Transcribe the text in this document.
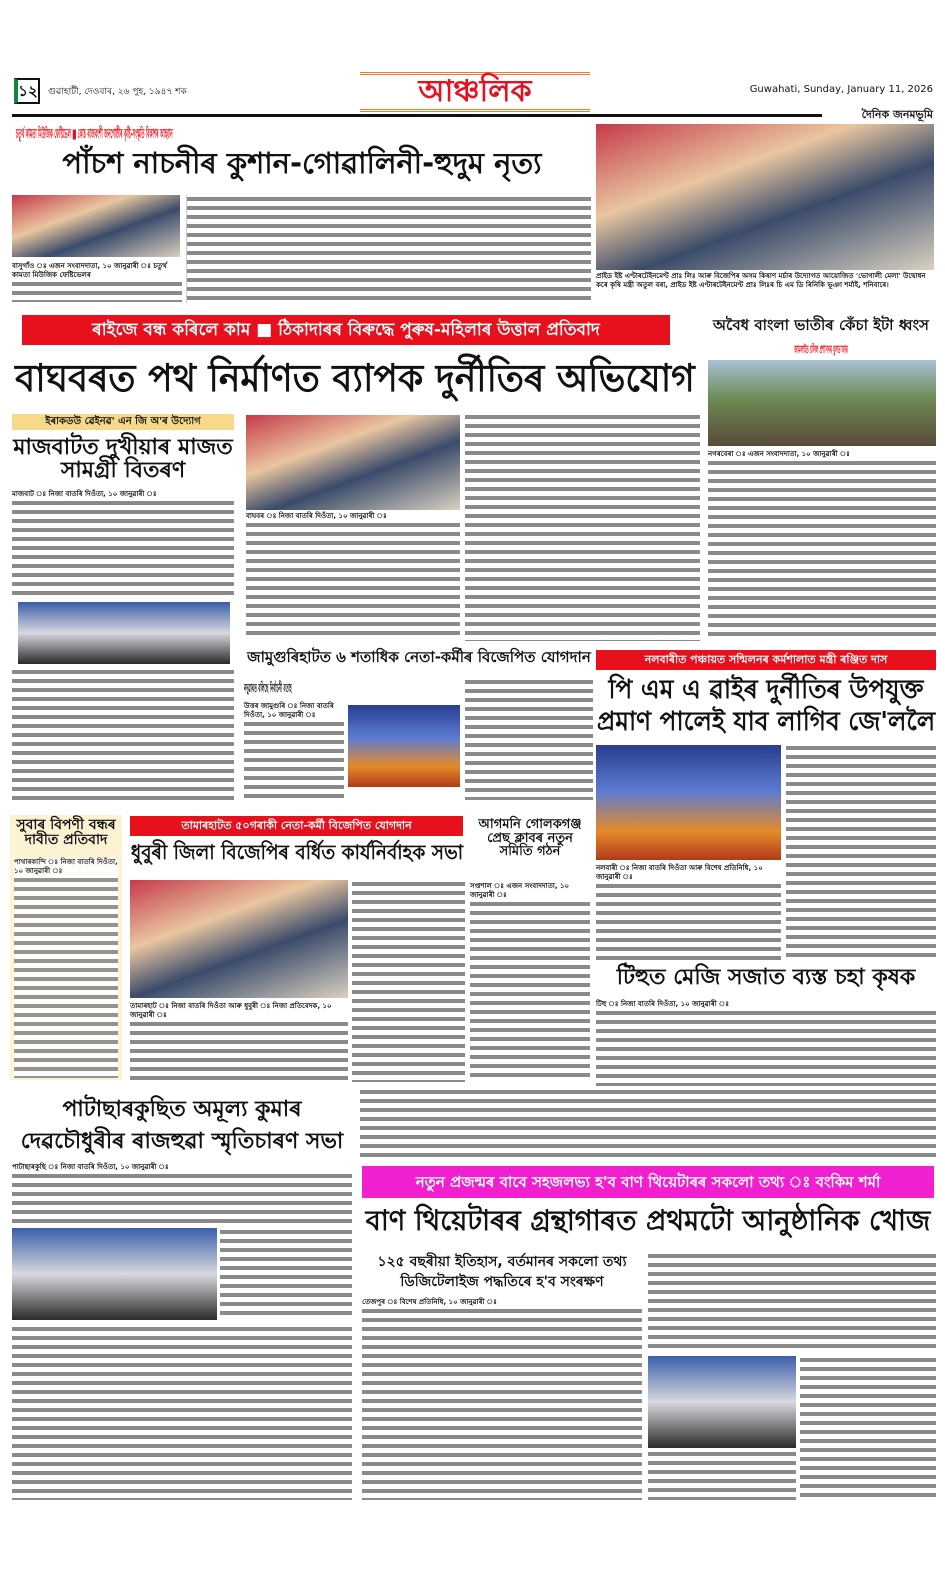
১২ গুৱাহাটী, দেওবাৰ, ২৬ পুহ, ১৯৪৭ শক	আঞ্চলিক	Guwahati, Sunday, January 11, 2026
দৈনিক জনমভূমি
চতুৰ্থ কামতা মিউজিক ফেষ্টিভেল ■ কোচ ৰাজবংশী জনগোষ্ঠীৰ কৃষ্টি-সংস্কৃতি বিকাশৰ আহ্বান
পাঁচশ নাচনীৰ কুশান-গোৱালিনী-হুদুম নৃত্য
বাসুগাঁও ঃ এজন সংবাদদাতা, ১০ জানুৱাৰী ঃ চতুৰ্থ কামতা মিউজিক ফেষ্টিভেলৰ	প্ৰাইড ইষ্ট এণ্টাৰটেইনমেণ্ট প্ৰাঃ লিঃ আৰু বিজেপিৰ অসম কিষাণ মৰ্চাৰ উদ্যোগত আয়োজিত 'ভোগালী মেলা' উদ্বোধন কৰে কৃষি মন্ত্ৰী অতুল বৰা, প্ৰাইড ইষ্ট এণ্টাৰটেইনমেণ্ট প্ৰাঃ লিঃৰ চি এম ডি ৰিনিকি ভূঞা শৰ্মাই, শনিবাৰে।
ৰাইজে বন্ধ কৰিলে কাম ■ ঠিকাদাৰৰ বিৰুদ্ধে পুৰুষ-মহিলাৰ উত্তাল প্ৰতিবাদ
বাঘবৰত পথ নিৰ্মাণত ব্যাপক দুৰ্নীতিৰ অভিযোগ
বাঘবৰ ঃ নিজা বাতৰি দিওঁতা, ১০ জানুৱাৰী ঃ
অবৈধ বাংলা ভাতীৰ কেঁচা ইটা ধ্বংস
জামলাইত চলিল প্ৰশাসনৰ বুলড'জাৰ
নগৰবেৰা ঃ এজন সংবাদদাতা, ১০ জানুৱাৰী ঃ
ইৰাকডউ ৱেইনৱ' এন জি অ'ৰ উদ্যোগ
মাজবাটত দুখীয়াৰ মাজত সামগ্ৰী বিতৰণ
মাজবাট ঃ নিজা বাতৰি দিওঁতা, ১০ জানুৱাৰী ঃ
জামুগুৰিহাটত ৬ শতাধিক নেতা-কৰ্মীৰ বিজেপিত যোগদান
নদুৱাৰত বলিছে নিৰ্বাচনী বতাহ
উত্তৰ জামুগুৰি ঃ নিজা বাতৰি দিওঁতা, ১০ জানুৱাৰী ঃ
নলবাৰীত পঞ্চায়ত সন্মিলনৰ কৰ্মশালাত মন্ত্ৰী ৰঞ্জিত দাস
পি এম এ ৱাইৰ দুৰ্নীতিৰ উপযুক্ত প্ৰমাণ পালেই যাব লাগিব জে'ললৈ
নলবাৰী ঃ নিজা বাতৰি দিওঁতা আৰু বিশেষ প্ৰতিনিধি, ১০ জানুৱাৰী ঃ
সুবাৰ বিপণী বন্ধৰ দাবীত প্ৰতিবাদ
পাথাৰকান্দি ঃ নিজা বাতৰি দিওঁতা, ১০ জানুৱাৰী ঃ
তামাৰহাটত ৫০গৰাকী নেতা-কৰ্মী বিজেপিত যোগদান
ধুবুৰী জিলা বিজেপিৰ বৰ্ধিত কাৰ্যনিৰ্বাহক সভা
তামাৰহাট ঃ নিজা বাতৰি দিওঁতা আৰু ধুবুৰী ঃ নিজা প্ৰতিবেদক, ১০ জানুৱাৰী ঃ
আগমনি গোলকগঞ্জ প্ৰেছ ক্লাবৰ নতুন সমিতি গঠন
সপ্তশাল ঃ এজন সংবাদদাতা, ১০ জানুৱাৰী ঃ
টিহুত মেজি সজাত ব্যস্ত চহা কৃষক
টিহু ঃ নিজা বাতৰি দিওঁতা, ১০ জানুৱাৰী ঃ
পাটাছাৰকুছিত অমূল্য কুমাৰ দেৱচৌধুৰীৰ ৰাজহুৱা স্মৃতিচাৰণ সভা
পাটাছাৰকুছি ঃ নিজা বাতৰি দিওঁতা, ১০ জানুৱাৰী ঃ
নতুন প্ৰজন্মৰ বাবে সহজলভ্য হ'ব বাণ থিয়েটাৰৰ সকলো তথ্য ঃ বংকিম শৰ্মা
বাণ থিয়েটাৰৰ গ্ৰন্থাগাৰত প্ৰথমটো আনুষ্ঠানিক খোজ
১২৫ বছৰীয়া ইতিহাস, বৰ্তমানৰ সকলো তথ্য ডিজিটেলাইজ পদ্ধতিৰে হ'ব সংৰক্ষণ
তেজপুৰ ঃ বিশেষ প্ৰতিনিধি, ১০ জানুৱাৰী ঃ
